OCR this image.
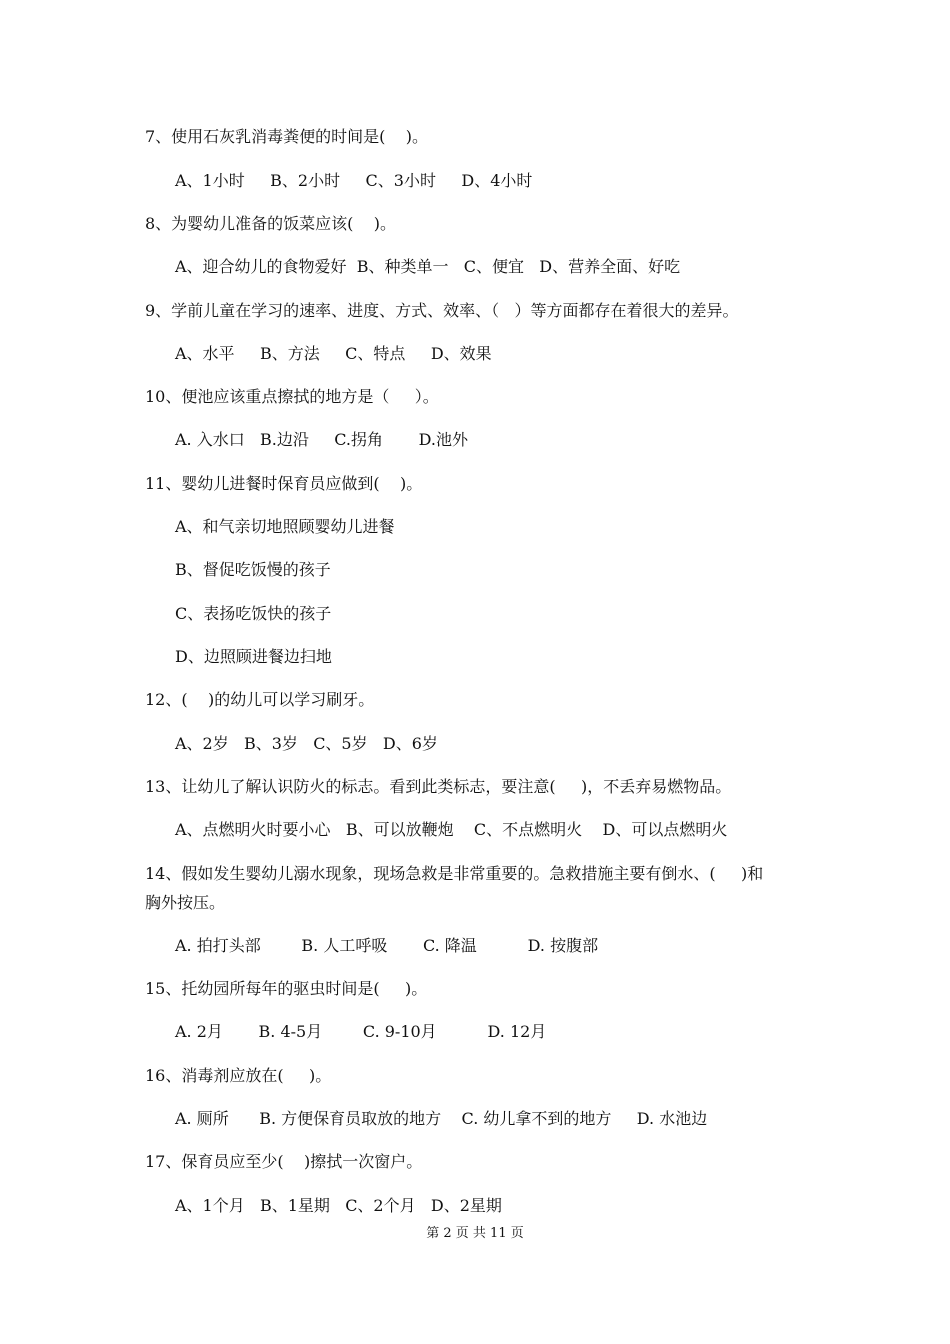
7、使用石灰乳消毒粪便的时间是(    )。
A、1小时     B、2小时     C、3小时     D、4小时
8、为婴幼儿准备的饭菜应该(    )。
A、迎合幼儿的食物爱好  B、种类单一   C、便宜   D、营养全面、好吃
9、学前儿童在学习的速率、进度、方式、效率、（   ）等方面都存在着很大的差异。
A、水平     B、方法     C、特点     D、效果
10、便池应该重点擦拭的地方是（     ）。
A. 入水口   B.边沿     C.拐角       D.池外
11、婴幼儿进餐时保育员应做到(    )。
A、和气亲切地照顾婴幼儿进餐
B、督促吃饭慢的孩子
C、表扬吃饭快的孩子
D、边照顾进餐边扫地
12、(    )的幼儿可以学习刷牙。
A、2岁   B、3岁   C、5岁   D、6岁
13、让幼儿了解认识防火的标志。看到此类标志，要注意(     )，不丢弃易燃物品。
A、点燃明火时要小心   B、可以放鞭炮    C、不点燃明火    D、可以点燃明火
14、假如发生婴幼儿溺水现象，现场急救是非常重要的。急救措施主要有倒水、(     )和
胸外按压。
A. 拍打头部        B. 人工呼吸       C. 降温          D. 按腹部
15、托幼园所每年的驱虫时间是(     )。
A. 2月       B. 4-5月        C. 9-10月          D. 12月
16、消毒剂应放在(     )。
A. 厕所      B. 方便保育员取放的地方    C. 幼儿拿不到的地方     D. 水池边
17、保育员应至少(    )擦拭一次窗户。
A、1个月   B、1星期   C、2个月   D、2星期
第 2 页 共 11 页
